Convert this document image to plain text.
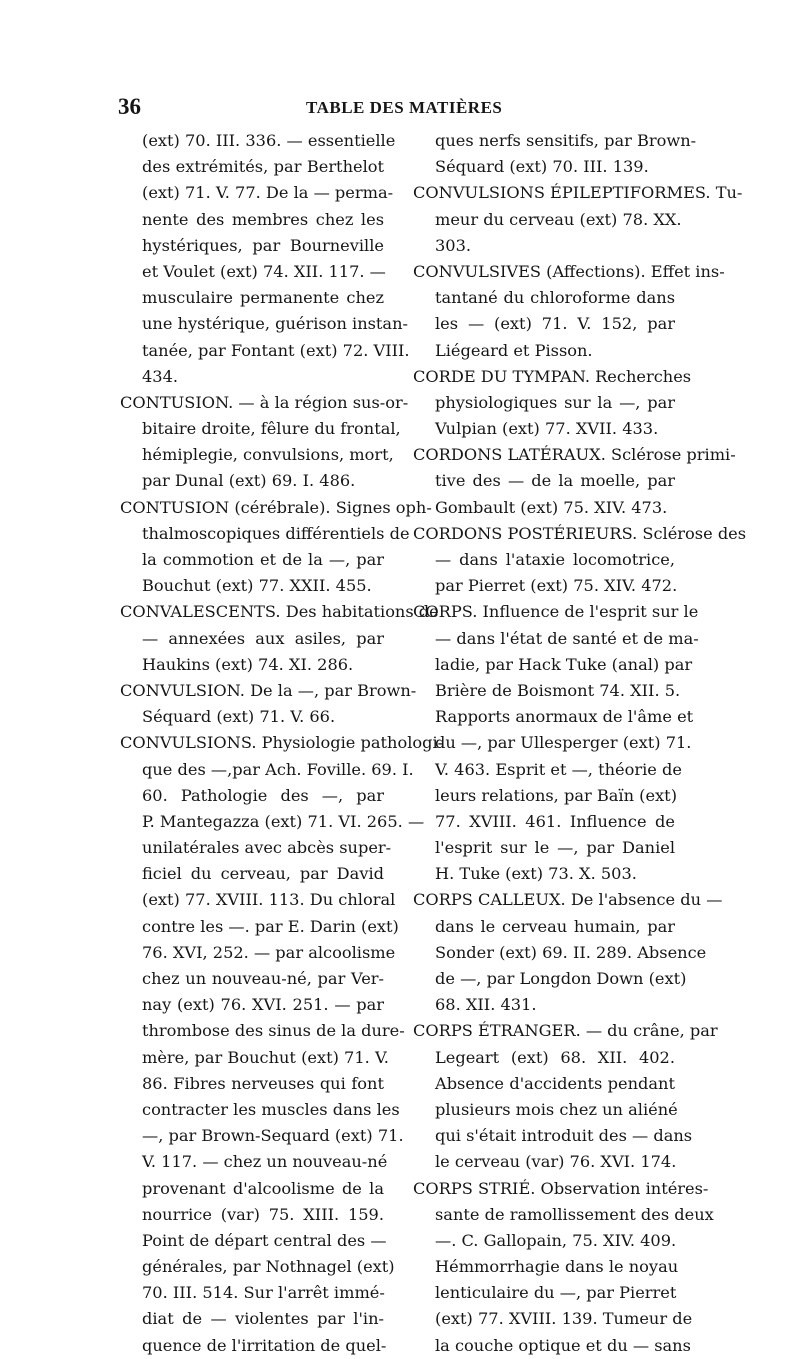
36	TABLE DES MATIÈRES
(ext) 70. III. 336. — essentielle
des extrémités, par Berthelot
(ext) 71. V. 77. De la — perma-
nente des membres chez les
hystériques, par Bourneville
et Voulet (ext) 74. XII. 117. —
musculaire permanente chez
une hystérique, guérison instan-
tanée, par Fontant (ext) 72. VIII.
434.
CONTUSION. — à la région sus-or-
bitaire droite, fêlure du frontal,
hémiplegie, convulsions, mort,
par Dunal (ext) 69. I. 486.
CONTUSION (cérébrale). Signes oph-
thalmoscopiques différentiels de
la commotion et de la —, par
Bouchut (ext) 77. XXII. 455.
CONVALESCENTS. Des habitations de
— annexées aux asiles, par
Haukins (ext) 74. XI. 286.
CONVULSION. De la —, par Brown-
Séquard (ext) 71. V. 66.
CONVULSIONS. Physiologie pathologi-
que des —,par Ach. Foville. 69. I.
60. Pathologie des —, par
P. Mantegazza (ext) 71. VI. 265. —
unilatérales avec abcès super-
ficiel du cerveau, par David
(ext) 77. XVIII. 113. Du chloral
contre les —. par E. Darin (ext)
76. XVI, 252. — par alcoolisme
chez un nouveau-né, par Ver-
nay (ext) 76. XVI. 251. — par
thrombose des sinus de la dure-
mère, par Bouchut (ext) 71. V.
86. Fibres nerveuses qui font
contracter les muscles dans les
—, par Brown-Sequard (ext) 71.
V. 117. — chez un nouveau-né
provenant d'alcoolisme de la
nourrice (var) 75. XIII. 159.
Point de départ central des —
générales, par Nothnagel (ext)
70. III. 514. Sur l'arrêt immé-
diat de — violentes par l'in-
quence de l'irritation de quel-
ques nerfs sensitifs, par Brown-
Séquard (ext) 70. III. 139.
CONVULSIONS ÉPILEPTIFORMES. Tu-
meur du cerveau (ext) 78. XX.
303.
CONVULSIVES (Affections). Effet ins-
tantané du chloroforme dans
les — (ext) 71. V. 152, par
Liégeard et Pisson.
CORDE DU TYMPAN. Recherches
physiologiques sur la —, par
Vulpian (ext) 77. XVII. 433.
CORDONS LATÉRAUX. Sclérose primi-
tive des — de la moelle, par
Gombault (ext) 75. XIV. 473.
CORDONS POSTÉRIEURS. Sclérose des
— dans l'ataxie locomotrice,
par Pierret (ext) 75. XIV. 472.
CORPS. Influence de l'esprit sur le
— dans l'état de santé et de ma-
ladie, par Hack Tuke (anal) par
Brière de Boismont 74. XII. 5.
Rapports anormaux de l'âme et
du —, par Ullesperger (ext) 71.
V. 463. Esprit et —, théorie de
leurs relations, par Baïn (ext)
77. XVIII. 461. Influence de
l'esprit sur le —, par Daniel
H. Tuke (ext) 73. X. 503.
CORPS CALLEUX. De l'absence du —
dans le cerveau humain, par
Sonder (ext) 69. II. 289. Absence
de —, par Longdon Down (ext)
68. XII. 431.
CORPS ÉTRANGER. — du crâne, par
Legeart (ext) 68. XII. 402.
Absence d'accidents pendant
plusieurs mois chez un aliéné
qui s'était introduit des — dans
le cerveau (var) 76. XVI. 174.
CORPS STRIÉ. Observation intéres-
sante de ramollissement des deux
—. C. Gallopain, 75. XIV. 409.
Hémmorrhagie dans le noyau
lenticulaire du —, par Pierret
(ext) 77. XVIII. 139. Tumeur de
la couche optique et du — sans
